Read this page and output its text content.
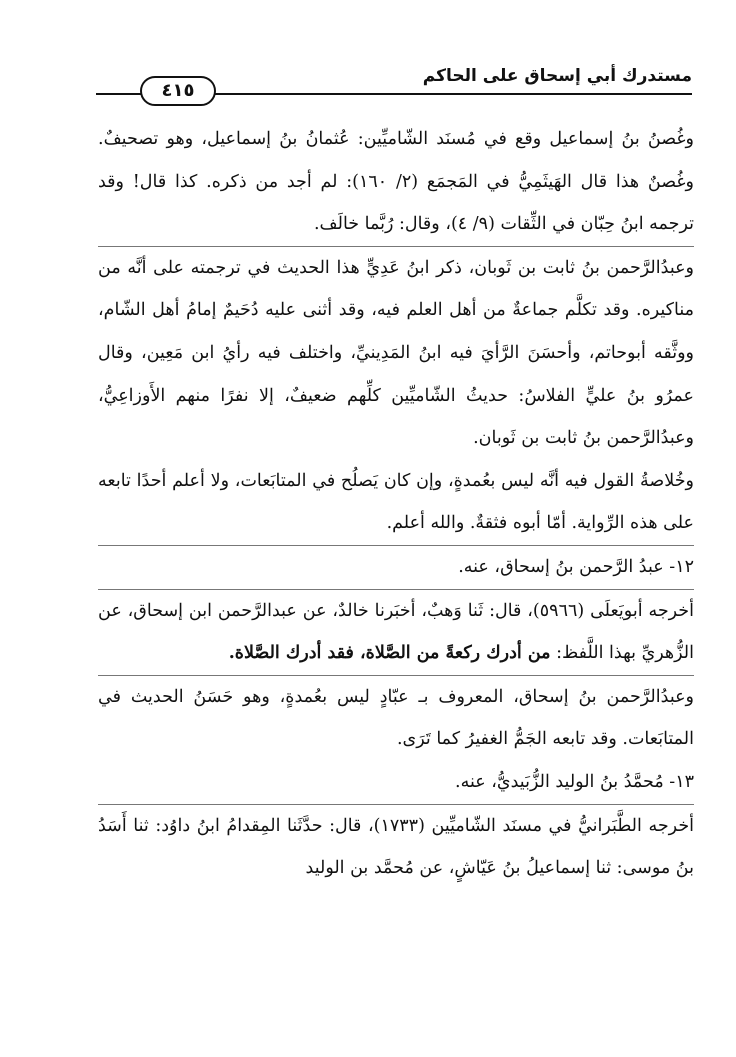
مستدرك أبي إسحاق على الحاكم
٤١٥

وغُصنُ بنُ إسماعيل وقع في مُسنَد الشّاميِّين: عُثمانُ بنُ إسماعيل، وهو تصحيفٌ. وغُصنٌ هذا قال الهَيثَمِيُّ في المَجمَع (٢/ ١٦٠): لم أجد من ذكره. كذا قال! وقد ترجمه ابنُ حِبّان في الثِّقات (٩/ ٤)، وقال: رُبَّما خالَف.

وعبدُالرَّحمن بنُ ثابت بن ثَوبان، ذكر ابنُ عَدِيٍّ هذا الحديث في ترجمته على أنَّه من مناكيره. وقد تكلَّم جماعةٌ من أهل العلم فيه، وقد أثنى عليه دُحَيمٌ إمامُ أهل الشّام، ووثَّقه أبوحاتم، وأحسَنَ الرَّأيَ فيه ابنُ المَدِينيِّ، واختلف فيه رأيُ ابن مَعِين، وقال عمرُو بنُ عليٍّ الفلاسُ: حديثُ الشّاميِّين كلِّهم ضعيفٌ، إلا نفرًا منهم الأَوزاعِيُّ، وعبدُالرَّحمن بنُ ثابت بن ثَوبان.

وخُلاصةُ القول فيه أنَّه ليس بعُمدةٍ، وإن كان يَصلُح في المتابَعات، ولا أعلم أحدًا تابعه على هذه الرِّواية. أمّا أبوه فثقةٌ. والله أعلم.

١٢- عبدُ الرَّحمن بنُ إسحاق، عنه.

أخرجه أبويَعلَى (٥٩٦٦)، قال: ثَنا وَهبٌ، أخبَرنا خالدٌ، عن عبدالرَّحمن ابن إسحاق، عن الزُّهريِّ بهذا اللَّفظ: من أدرك ركعةً من الصَّلاة، فقد أدرك الصَّلاة.

وعبدُالرَّحمن بنُ إسحاق، المعروف بـ عبّادٍ ليس بعُمدةٍ، وهو حَسَنُ الحديث في المتابَعات. وقد تابعه الجَمُّ الغفيرُ كما تَرَى.

١٣- مُحمَّدُ بنُ الوليد الزُّبَيديُّ، عنه.

أخرجه الطَّبَرانيُّ في مسنَد الشّاميِّين (١٧٣٣)، قال: حدَّثَنا المِقدامُ ابنُ داوُد: ثنا أَسَدُ بنُ موسى: ثنا إسماعيلُ بنُ عَيّاشٍ، عن مُحمَّد بن الوليد
